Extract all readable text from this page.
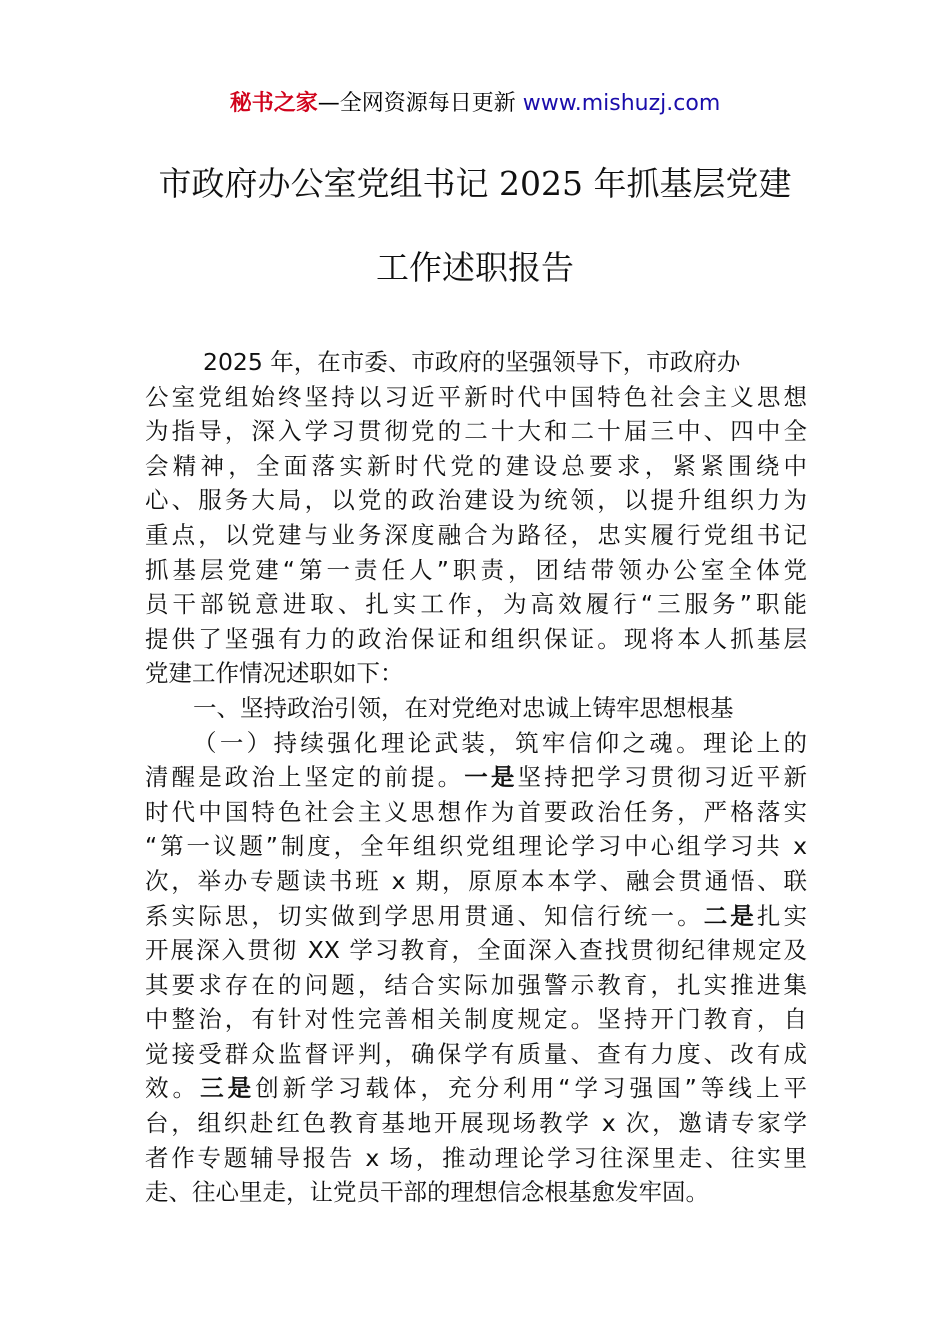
秘书之家—全网资源每日更新 www.mishuzj.com
市政府办公室党组书记 2025 年抓基层党建
工作述职报告
2025 年，在市委、市政府的坚强领导下，市政府办
公室党组始终坚持以习近平新时代中国特色社会主义思想
为指导，深入学习贯彻党的二十大和二十届三中、四中全
会精神，全面落实新时代党的建设总要求，紧紧围绕中
心、服务大局，以党的政治建设为统领，以提升组织力为
重点，以党建与业务深度融合为路径，忠实履行党组书记
抓基层党建“第一责任人”职责，团结带领办公室全体党
员干部锐意进取、扎实工作，为高效履行“三服务”职能
提供了坚强有力的政治保证和组织保证。现将本人抓基层
党建工作情况述职如下：
一、坚持政治引领，在对党绝对忠诚上铸牢思想根基
（一）持续强化理论武装，筑牢信仰之魂。理论上的
清醒是政治上坚定的前提。一是坚持把学习贯彻习近平新
时代中国特色社会主义思想作为首要政治任务，严格落实
“第一议题”制度，全年组织党组理论学习中心组学习共 x
次，举办专题读书班 x 期，原原本本学、融会贯通悟、联
系实际思，切实做到学思用贯通、知信行统一。二是扎实
开展深入贯彻 XX 学习教育，全面深入查找贯彻纪律规定及
其要求存在的问题，结合实际加强警示教育，扎实推进集
中整治，有针对性完善相关制度规定。坚持开门教育，自
觉接受群众监督评判，确保学有质量、查有力度、改有成
效。三是创新学习载体，充分利用“学习强国”等线上平
台，组织赴红色教育基地开展现场教学 x 次，邀请专家学
者作专题辅导报告 x 场，推动理论学习往深里走、往实里
走、往心里走，让党员干部的理想信念根基愈发牢固。
